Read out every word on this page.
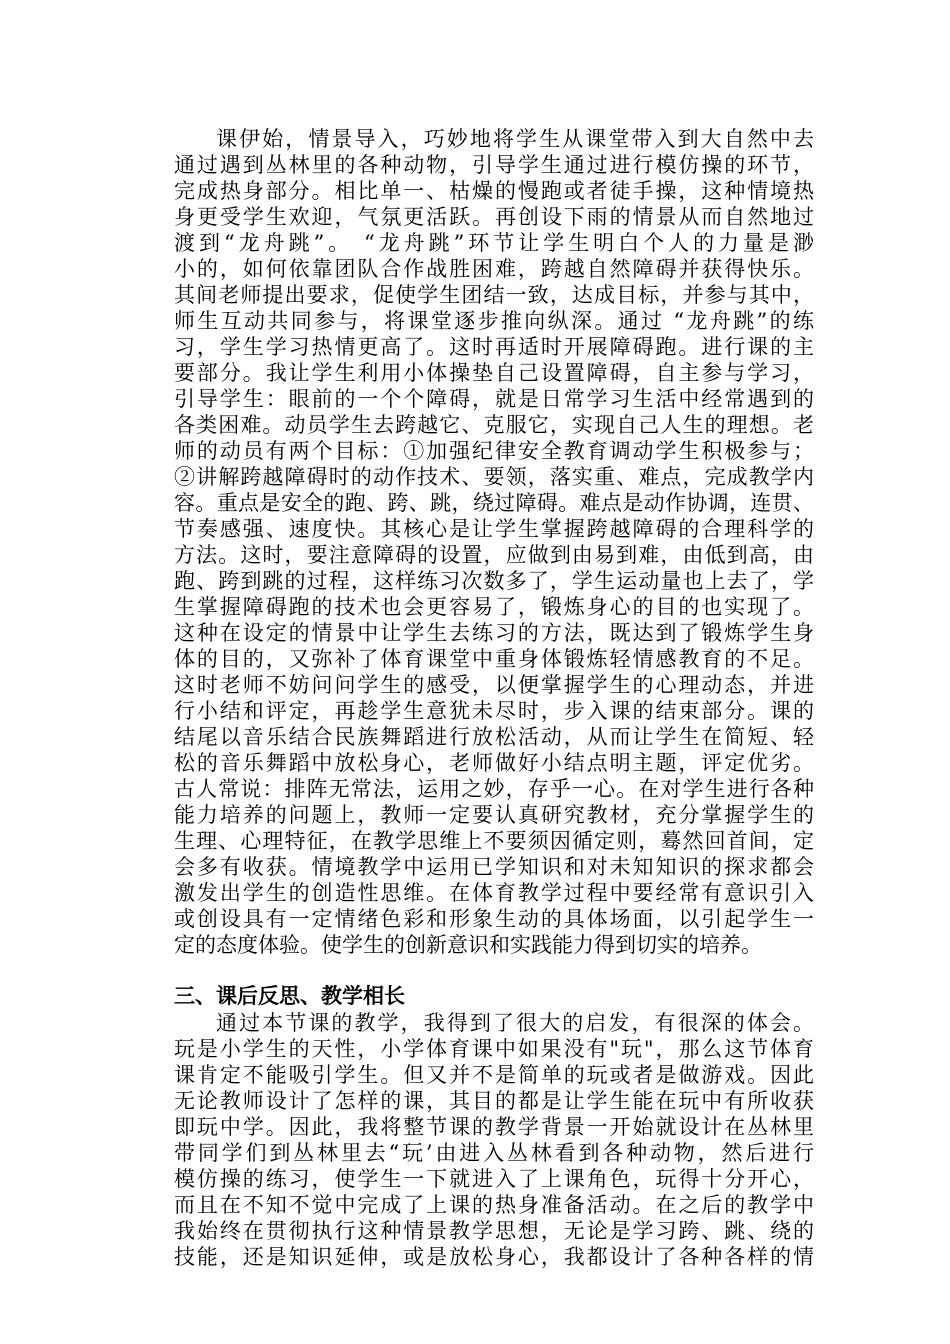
课伊始，情景导入，巧妙地将学生从课堂带入到大自然中去
通过遇到丛林里的各种动物，引导学生通过进行模仿操的环节，
完成热身部分。相比单一、枯燥的慢跑或者徒手操，这种情境热
身更受学生欢迎，气氛更活跃。再创设下雨的情景从而自然地过
渡到“龙舟跳”。 “龙舟跳”环节让学生明白个人的力量是渺
小的，如何依靠团队合作战胜困难，跨越自然障碍并获得快乐。
其间老师提出要求，促使学生团结一致，达成目标，并参与其中，
师生互动共同参与，将课堂逐步推向纵深。通过 “龙舟跳”的练
习，学生学习热情更高了。这时再适时开展障碍跑。进行课的主
要部分。我让学生利用小体操垫自己设置障碍，自主参与学习，
引导学生：眼前的一个个障碍，就是日常学习生活中经常遇到的
各类困难。动员学生去跨越它、克服它，实现自己人生的理想。老
师的动员有两个目标：①加强纪律安全教育调动学生积极参与；
②讲解跨越障碍时的动作技术、要领，落实重、难点，完成教学内
容。重点是安全的跑、跨、跳，绕过障碍。难点是动作协调，连贯、
节奏感强、速度快。其核心是让学生掌握跨越障碍的合理科学的
方法。这时，要注意障碍的设置，应做到由易到难，由低到高，由
跑、跨到跳的过程，这样练习次数多了，学生运动量也上去了，学
生掌握障碍跑的技术也会更容易了，锻炼身心的目的也实现了。
这种在设定的情景中让学生去练习的方法，既达到了锻炼学生身
体的目的，又弥补了体育课堂中重身体锻炼轻情感教育的不足。
这时老师不妨问问学生的感受，以便掌握学生的心理动态，并进
行小结和评定，再趁学生意犹未尽时，步入课的结束部分。课的
结尾以音乐结合民族舞蹈进行放松活动，从而让学生在简短、轻
松的音乐舞蹈中放松身心，老师做好小结点明主题，评定优劣。
古人常说：排阵无常法，运用之妙，存乎一心。在对学生进行各种
能力培养的问题上，教师一定要认真研究教材，充分掌握学生的
生理、心理特征，在教学思维上不要须因循定则，蓦然回首间，定
会多有收获。情境教学中运用已学知识和对未知知识的探求都会
激发出学生的创造性思维。在体育教学过程中要经常有意识引入
或创设具有一定情绪色彩和形象生动的具体场面，以引起学生一
定的态度体验。使学生的创新意识和实践能力得到切实的培养。
三、课后反思、教学相长
通过本节课的教学，我得到了很大的启发，有很深的体会。
玩是小学生的天性，小学体育课中如果没有"玩"，那么这节体育
课肯定不能吸引学生。但又并不是简单的玩或者是做游戏。因此
无论教师设计了怎样的课，其目的都是让学生能在玩中有所收获
即玩中学。因此，我将整节课的教学背景一开始就设计在丛林里
带同学们到丛林里去“玩’由进入丛林看到各种动物，然后进行
模仿操的练习，使学生一下就进入了上课角色，玩得十分开心，
而且在不知不觉中完成了上课的热身准备活动。在之后的教学中
我始终在贯彻执行这种情景教学思想，无论是学习跨、跳、绕的
技能，还是知识延伸，或是放松身心，我都设计了各种各样的情
